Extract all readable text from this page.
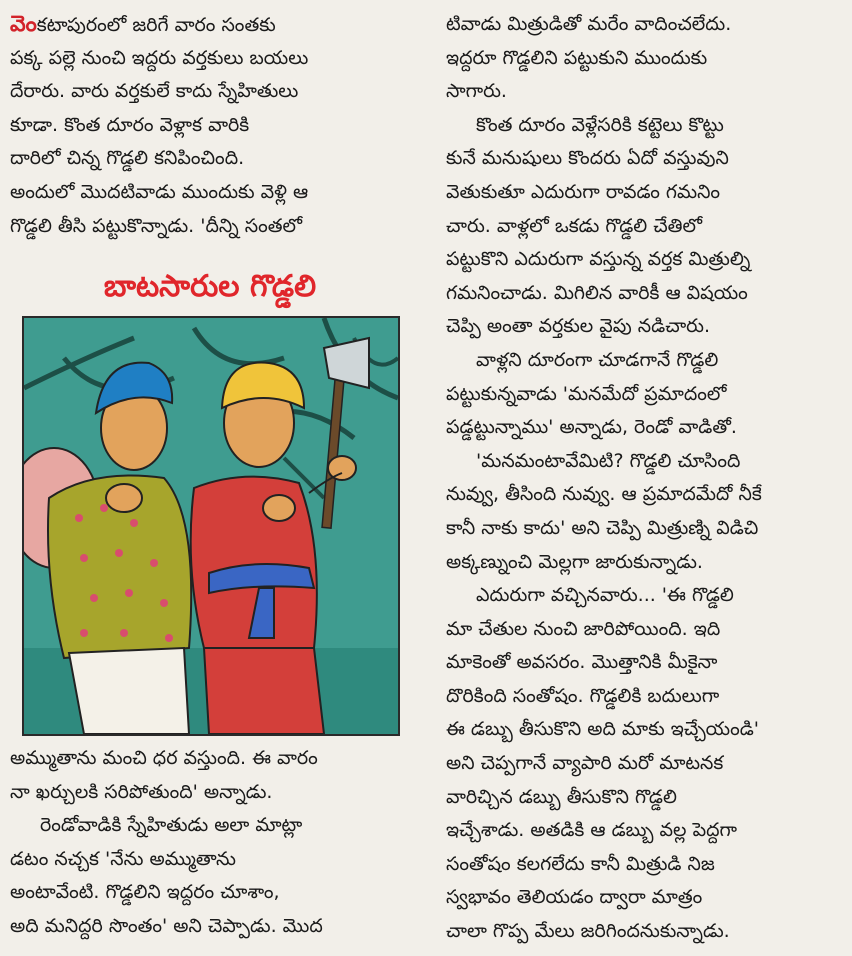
వెంకటాపురంలో జరిగే వారం సంతకు
పక్క పల్లె నుంచి ఇద్దరు వర్తకులు బయలు
దేరారు. వారు వర్తకులే కాదు స్నేహితులు
కూడా. కొంత దూరం వెళ్లాక వారికి
దారిలో చిన్న గొడ్డలి కనిపించింది.
అందులో మొదటివాడు ముందుకు వెళ్లి ఆ
గొడ్డలి తీసి పట్టుకొన్నాడు. 'దీన్ని సంతలో
బాటసారుల గొడ్డలి
అమ్ముతాను మంచి ధర వస్తుంది. ఈ వారం
నా ఖర్చులకి సరిపోతుంది' అన్నాడు.
రెండోవాడికి స్నేహితుడు అలా మాట్లా
డటం నచ్చక 'నేను అమ్ముతాను
అంటావేంటి. గొడ్డలిని ఇద్దరం చూశాం,
అది మనిద్దరి సొంతం' అని చెప్పాడు. మొద
టివాడు మిత్రుడితో మరేం వాదించలేదు.
ఇద్దరూ గొడ్డలిని పట్టుకుని ముందుకు
సాగారు.
కొంత దూరం వెళ్లేసరికి కట్టెలు కొట్టు
కునే మనుషులు కొందరు ఏదో వస్తువుని
వెతుకుతూ ఎదురుగా రావడం గమనిం
చారు. వాళ్లలో ఒకడు గొడ్డలి చేతిలో
పట్టుకొని ఎదురుగా వస్తున్న వర్తక మిత్రుల్ని
గమనించాడు. మిగిలిన వారికీ ఆ విషయం
చెప్పి అంతా వర్తకుల వైపు నడిచారు.
వాళ్లని దూరంగా చూడగానే గొడ్డలి
పట్టుకున్నవాడు 'మనమేదో ప్రమాదంలో
పడ్డట్టున్నాము' అన్నాడు, రెండో వాడితో.
'మనమంటావేమిటి? గొడ్డలి చూసింది
నువ్వు, తీసింది నువ్వు. ఆ ప్రమాదమేదో నీకే
కానీ నాకు కాదు' అని చెప్పి మిత్రుణ్ని విడిచి
అక్కణ్నుంచి మెల్లగా జారుకున్నాడు.
ఎదురుగా వచ్చినవారు... 'ఈ గొడ్డలి
మా చేతుల నుంచి జారిపోయింది. ఇది
మాకెంతో అవసరం. మొత్తానికి మీకైనా
దొరికింది సంతోషం. గొడ్డలికి బదులుగా
ఈ డబ్బు తీసుకొని అది మాకు ఇచ్చేయండి'
అని చెప్పగానే వ్యాపారి మరో మాటనక
వారిచ్చిన డబ్బు తీసుకొని గొడ్డలి
ఇచ్చేశాడు. అతడికి ఆ డబ్బు వల్ల పెద్దగా
సంతోషం కలగలేదు కానీ మిత్రుడి నిజ
స్వభావం తెలియడం ద్వారా మాత్రం
చాలా గొప్ప మేలు జరిగిందనుకున్నాడు.
